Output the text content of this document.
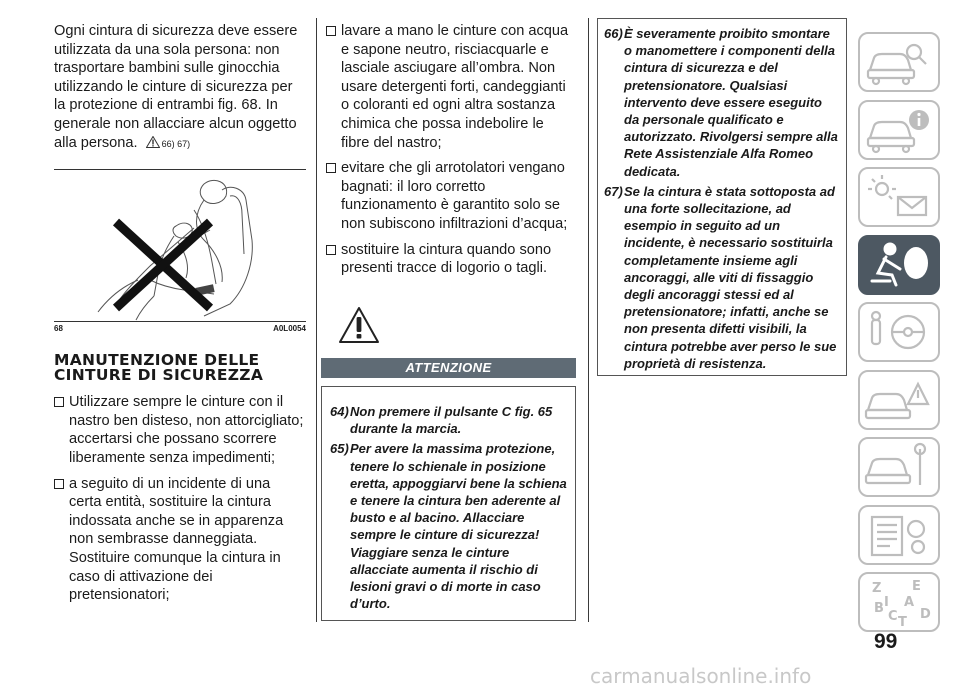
Ogni cintura di sicurezza deve essere utilizzata da una sola persona: non trasportare bambini sulle ginocchia utilizzando le cinture di sicurezza per la protezione di entrambi fig. 68. In generale non allacciare alcun oggetto alla persona.	66) 67)

68	A0L0054
MANUTENZIONE DELLE
CINTURE DI SICUREZZA
Utilizzare sempre le cinture con il nastro ben disteso, non attorcigliato; accertarsi che possano scorrere liberamente senza impedimenti;
a seguito di un incidente di una certa entità, sostituire la cintura indossata anche se in apparenza non sembrasse danneggiata. Sostituire comunque la cintura in caso di attivazione dei pretensionatori;
lavare a mano le cinture con acqua e sapone neutro, risciacquarle e lasciale asciugare all’ombra. Non usare detergenti forti, candeggianti o coloranti ed ogni altra sostanza chimica che possa indebolire le fibre del nastro;
evitare che gli arrotolatori vengano bagnati: il loro corretto funzionamento è garantito solo se non subiscono infiltrazioni d’acqua;
sostituire la cintura quando sono presenti tracce di logorio o tagli.
ATTENZIONE
64) Non premere il pulsante C fig. 65 durante la marcia.
65) Per avere la massima protezione, tenere lo schienale in posizione eretta, appoggiarvi bene la schiena e tenere la cintura ben aderente al busto e al bacino. Allacciare sempre le cinture di sicurezza! Viaggiare senza le cinture allacciate aumenta il rischio di lesioni gravi o di morte in caso d’urto.
66) È severamente proibito smontare o manomettere i componenti della cintura di sicurezza e del pretensionatore. Qualsiasi intervento deve essere eseguito da personale qualificato e autorizzato. Rivolgersi sempre alla Rete Assistenziale Alfa Romeo dedicata.
67) Se la cintura è stata sottoposta ad una forte sollecitazione, ad esempio in seguito ad un incidente, è necessario sostituirla completamente insieme agli ancoraggi, alle viti di fissaggio degli ancoraggi stessi ed al pretensionatore; infatti, anche se non presenta difetti visibili, la cintura potrebbe aver perso le sue proprietà di resistenza.
Z E
A
B
C T
D
I
99
carmanualsonline.info
